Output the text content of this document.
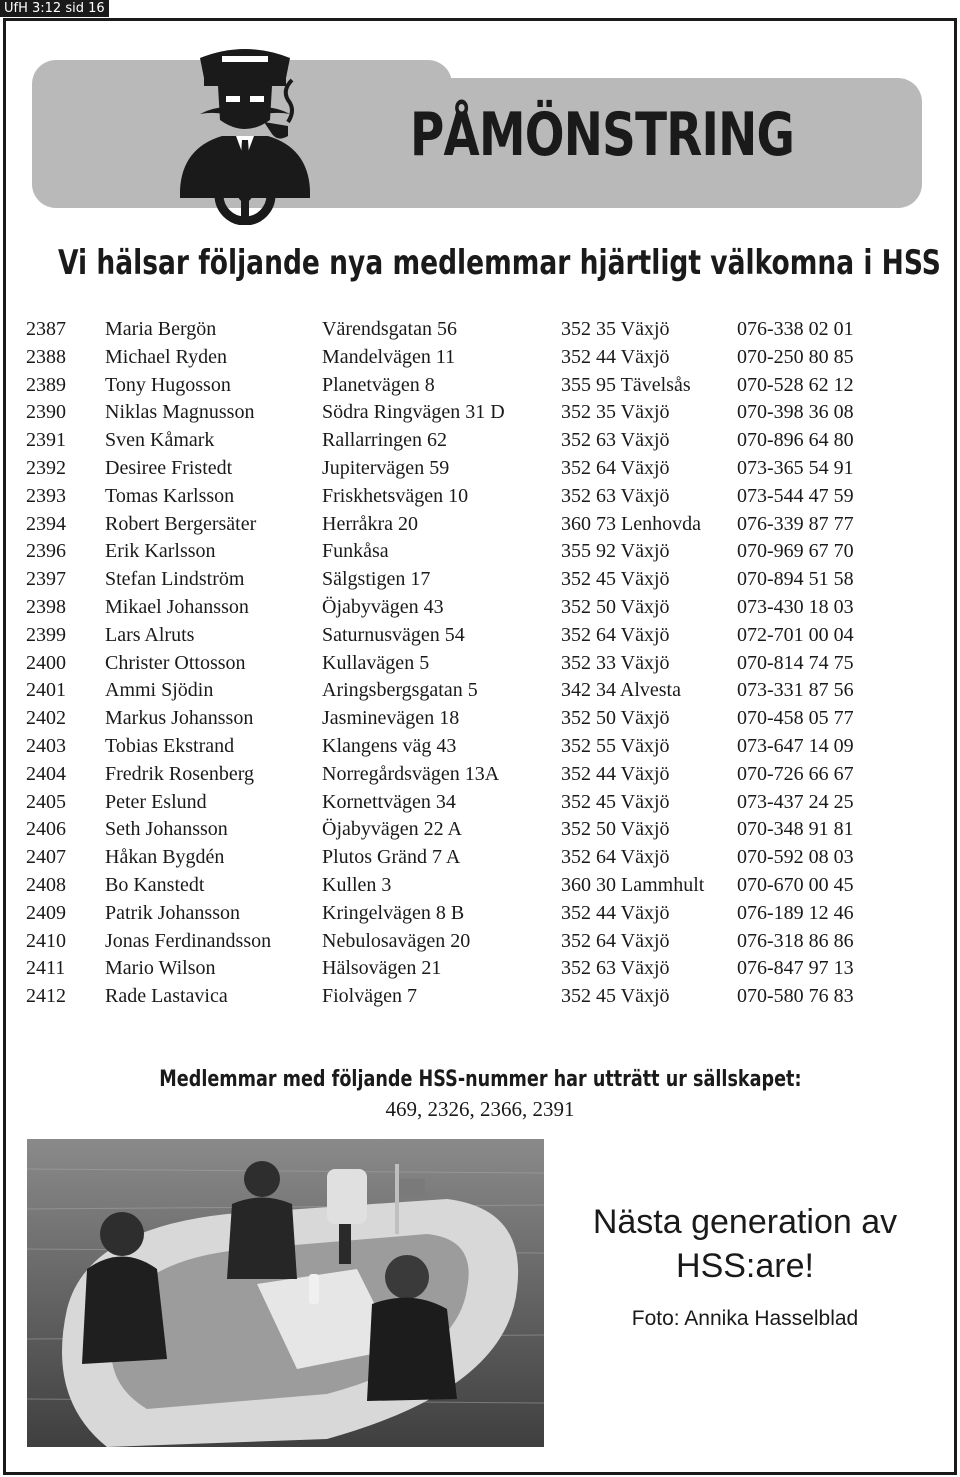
UfH 3:12 sid 16
PÅMÖNSTRING
Vi hälsar följande nya medlemmar hjärtligt välkomna i HSS
2387 Maria Bergön	Värendsgatan 56	352 35 Växjö	076-338 02 01
2388 Michael Ryden	Mandelvägen 11	352 44 Växjö	070-250 80 85
2389 Tony Hugosson	Planetvägen 8	355 95 Tävelsås 070-528 62 12
2390 Niklas Magnusson	Södra Ringvägen 31 D	352 35 Växjö	070-398 36 08
2391 Sven Kåmark	Rallarringen 62	352 63 Växjö	070-896 64 80
2392 Desiree Fristedt	Jupitervägen 59	352 64 Växjö	073-365 54 91
2393 Tomas Karlsson	Friskhetsvägen 10	352 63 Växjö	073-544 47 59
2394 Robert Bergersäter	Herråkra 20	360 73 Lenhovda 076-339 87 77
2396 Erik Karlsson	Funkåsa	355 92 Växjö	070-969 67 70
2397 Stefan Lindström	Sälgstigen 17	352 45 Växjö	070-894 51 58
2398 Mikael Johansson	Öjabyvägen 43	352 50 Växjö	073-430 18 03
2399 Lars Alruts	Saturnusvägen 54	352 64 Växjö	072-701 00 04
2400 Christer Ottosson	Kullavägen 5	352 33 Växjö	070-814 74 75
2401 Ammi Sjödin	Aringsbergsgatan 5	342 34 Alvesta	073-331 87 56
2402 Markus Johansson	Jasminevägen 18	352 50 Växjö	070-458 05 77
2403 Tobias Ekstrand	Klangens väg 43	352 55 Växjö	073-647 14 09
2404 Fredrik Rosenberg	Norregårdsvägen 13A	352 44 Växjö	070-726 66 67
2405 Peter Eslund	Kornettvägen 34	352 45 Växjö	073-437 24 25
2406 Seth Johansson	Öjabyvägen 22 A	352 50 Växjö	070-348 91 81
2407 Håkan Bygdén	Plutos Gränd 7 A	352 64 Växjö	070-592 08 03
2408 Bo Kanstedt	Kullen 3	360 30 Lammhult 070-670 00 45
2409 Patrik Johansson	Kringelvägen 8 B	352 44 Växjö	076-189 12 46
2410 Jonas Ferdinandsson	Nebulosavägen 20	352 64 Växjö	076-318 86 86
2411 Mario Wilson	Hälsovägen 21	352 63 Växjö	076-847 97 13
2412 Rade Lastavica	Fiolvägen 7	352 45 Växjö	070-580 76 83
Medlemmar med följande HSS-nummer har utträtt ur sällskapet:
469, 2326, 2366, 2391
Nästa generation av HSS:are!
Foto: Annika Hasselblad
